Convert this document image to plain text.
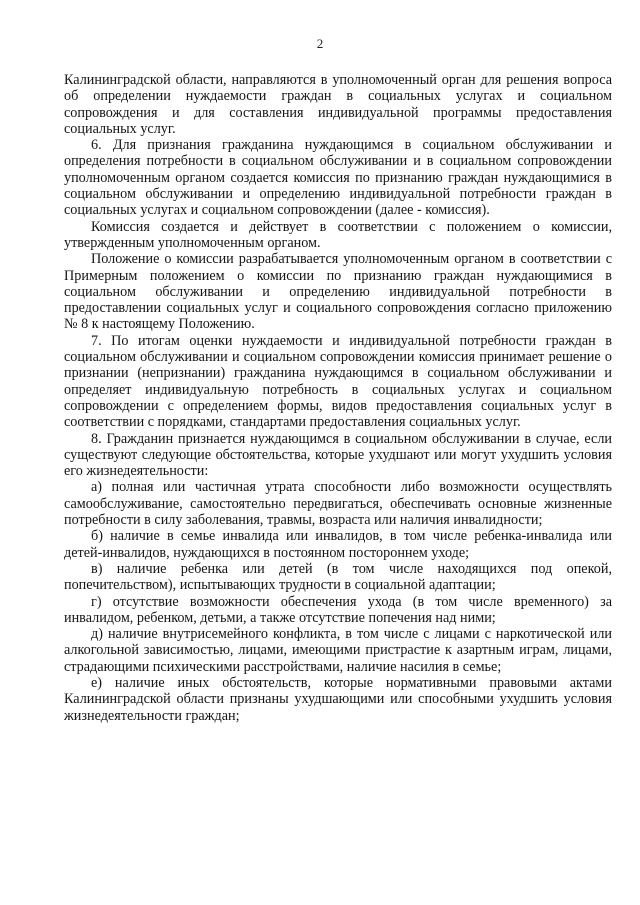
2

Калининградской области, направляются в уполномоченный орган для решения вопроса об определении нуждаемости граждан в социальных услугах и социальном сопровождения и для составления индивидуальной программы предоставления социальных услуг.

6. Для признания гражданина нуждающимся в социальном обслуживании и определения потребности в социальном обслуживании и в социальном сопровождении уполномоченным органом создается комиссия по признанию граждан нуждающимися в социальном обслуживании и определению индивидуальной потребности граждан в социальных услугах и социальном сопровождении (далее - комиссия).

Комиссия создается и действует в соответствии с положением о комиссии, утвержденным уполномоченным органом.

Положение о комиссии разрабатывается уполномоченным органом в соответствии с Примерным положением о комиссии по признанию граждан нуждающимися в социальном обслуживании и определению индивидуальной потребности в предоставлении социальных услуг и социального сопровождения согласно приложению № 8 к настоящему Положению.

7. По итогам оценки нуждаемости и индивидуальной потребности граждан в социальном обслуживании и социальном сопровождении комиссия принимает решение о признании (непризнании) гражданина нуждающимся в социальном обслуживании и определяет индивидуальную потребность в социальных услугах и социальном сопровождении с определением формы, видов предоставления социальных услуг в соответствии с порядками, стандартами предоставления социальных услуг.

8. Гражданин признается нуждающимся в социальном обслуживании в случае, если существуют следующие обстоятельства, которые ухудшают или могут ухудшить условия его жизнедеятельности:

а) полная или частичная утрата способности либо возможности осуществлять самообслуживание, самостоятельно передвигаться, обеспечивать основные жизненные потребности в силу заболевания, травмы, возраста или наличия инвалидности;

б) наличие в семье инвалида или инвалидов, в том числе ребенка-инвалида или детей-инвалидов, нуждающихся в постоянном постороннем уходе;

в) наличие ребенка или детей (в том числе находящихся под опекой, попечительством), испытывающих трудности в социальной адаптации;

г) отсутствие возможности обеспечения ухода (в том числе временного) за инвалидом, ребенком, детьми, а также отсутствие попечения над ними;

д) наличие внутрисемейного конфликта, в том числе с лицами с наркотической или алкогольной зависимостью, лицами, имеющими пристрастие к азартным играм, лицами, страдающими психическими расстройствами, наличие насилия в семье;

е) наличие иных обстоятельств, которые нормативными правовыми актами Калининградской области признаны ухудшающими или способными ухудшить условия жизнедеятельности граждан;
